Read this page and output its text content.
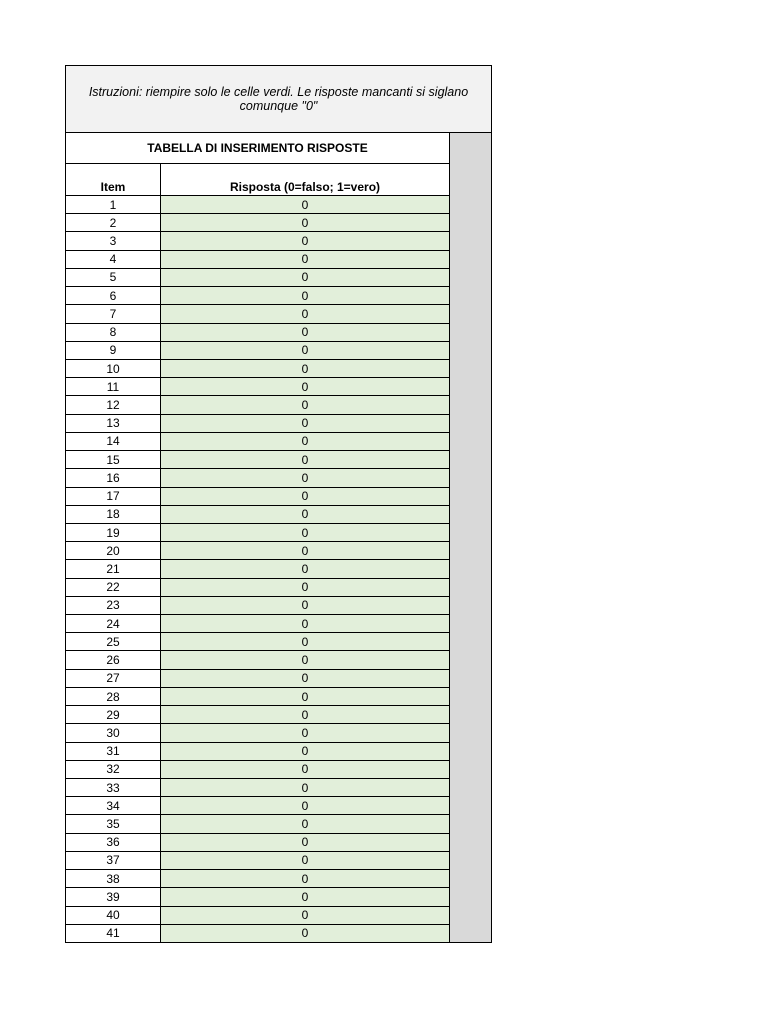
Istruzioni: riempire solo le celle verdi. Le risposte mancanti si siglano comunque "0"
TABELLA DI INSERIMENTO RISPOSTE
Item	Risposta (0=falso; 1=vero)
1	0
2	0
3	0
4	0
5	0
6	0
7	0
8	0
9	0
10	0
11	0
12	0
13	0
14	0
15	0
16	0
17	0
18	0
19	0
20	0
21	0
22	0
23	0
24	0
25	0
26	0
27	0
28	0
29	0
30	0
31	0
32	0
33	0
34	0
35	0
36	0
37	0
38	0
39	0
40	0
41	0
